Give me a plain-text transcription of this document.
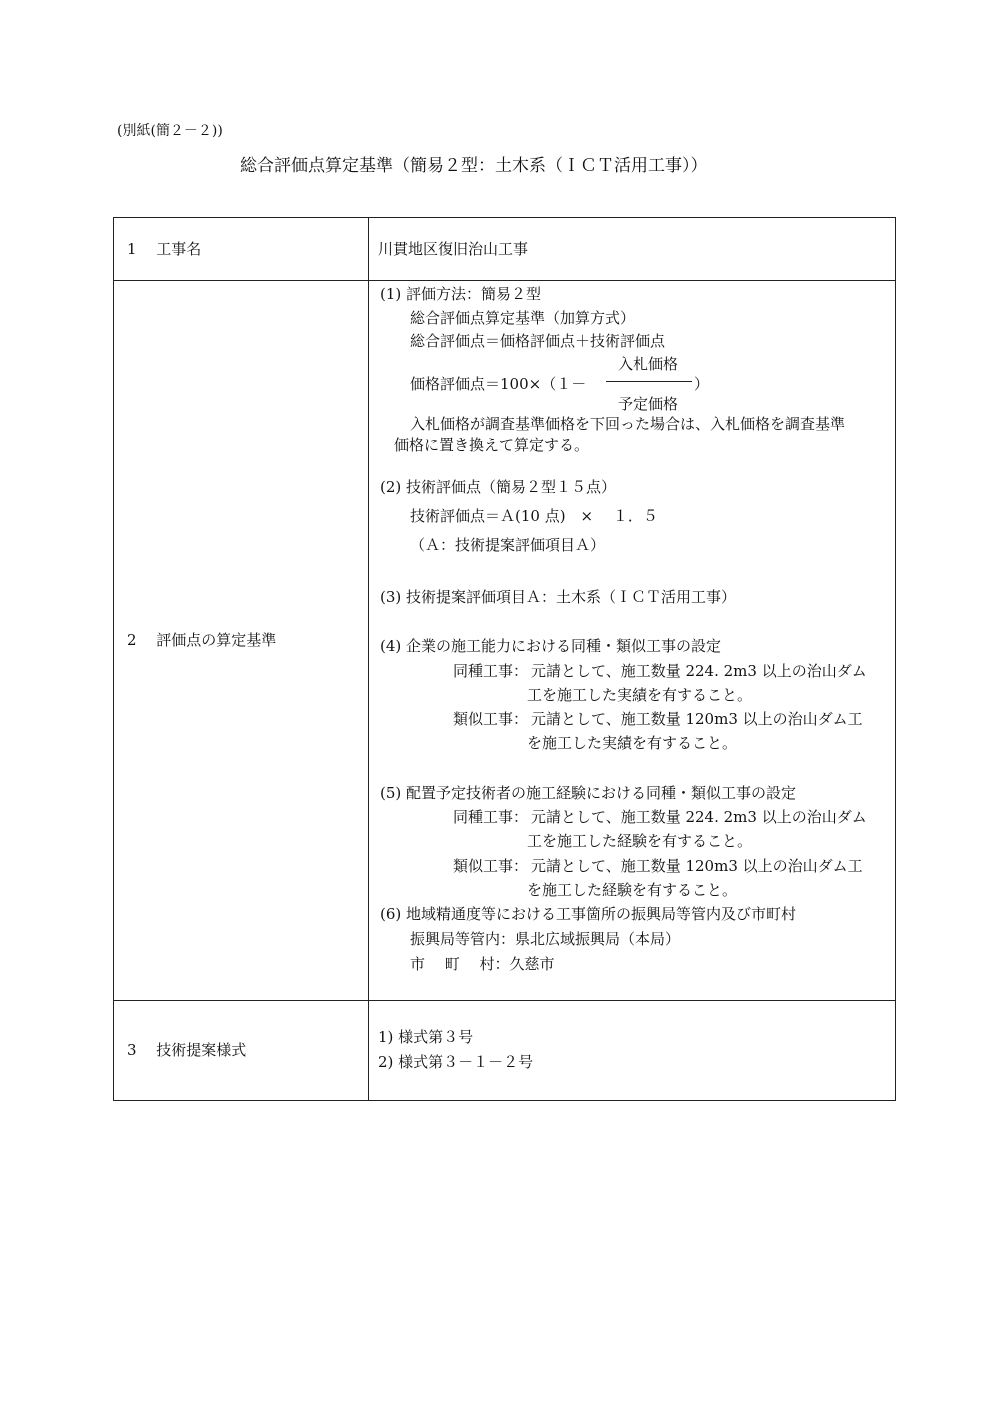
(別紙(簡２－２))
総合評価点算定基準（簡易２型：土木系（ＩＣＴ活用工事））
1　 工事名	川貫地区復旧治山工事
2　 評価点の算定基準
(1) 評価方法：簡易２型
総合評価点算定基準（加算方式）
総合評価点＝価格評価点＋技術評価点
価格評価点＝100×（１－
入札価格
予定価格
）
入札価格が調査基準価格を下回った場合は、入札価格を調査基準
価格に置き換えて算定する。
(2) 技術評価点（簡易２型１５点）
技術評価点＝Ａ(10 点)　×　 １．５
（Ａ：技術提案評価項目Ａ）
(3) 技術提案評価項目Ａ：土木系（ＩＣＴ活用工事）
(4) 企業の施工能力における同種・類似工事の設定
同種工事： 元請として、施工数量 224. 2m3 以上の治山ダム
工を施工した実績を有すること。
類似工事： 元請として、施工数量 120m3 以上の治山ダム工
を施工した実績を有すること。
(5) 配置予定技術者の施工経験における同種・類似工事の設定
同種工事： 元請として、施工数量 224. 2m3 以上の治山ダム
工を施工した経験を有すること。
類似工事： 元請として、施工数量 120m3 以上の治山ダム工
を施工した経験を有すること。
(6) 地域精通度等における工事箇所の振興局等管内及び市町村
振興局等管内：県北広域振興局（本局）
市　 町　 村：久慈市
3　 技術提案様式
1) 様式第３号
2) 様式第３－１－２号
